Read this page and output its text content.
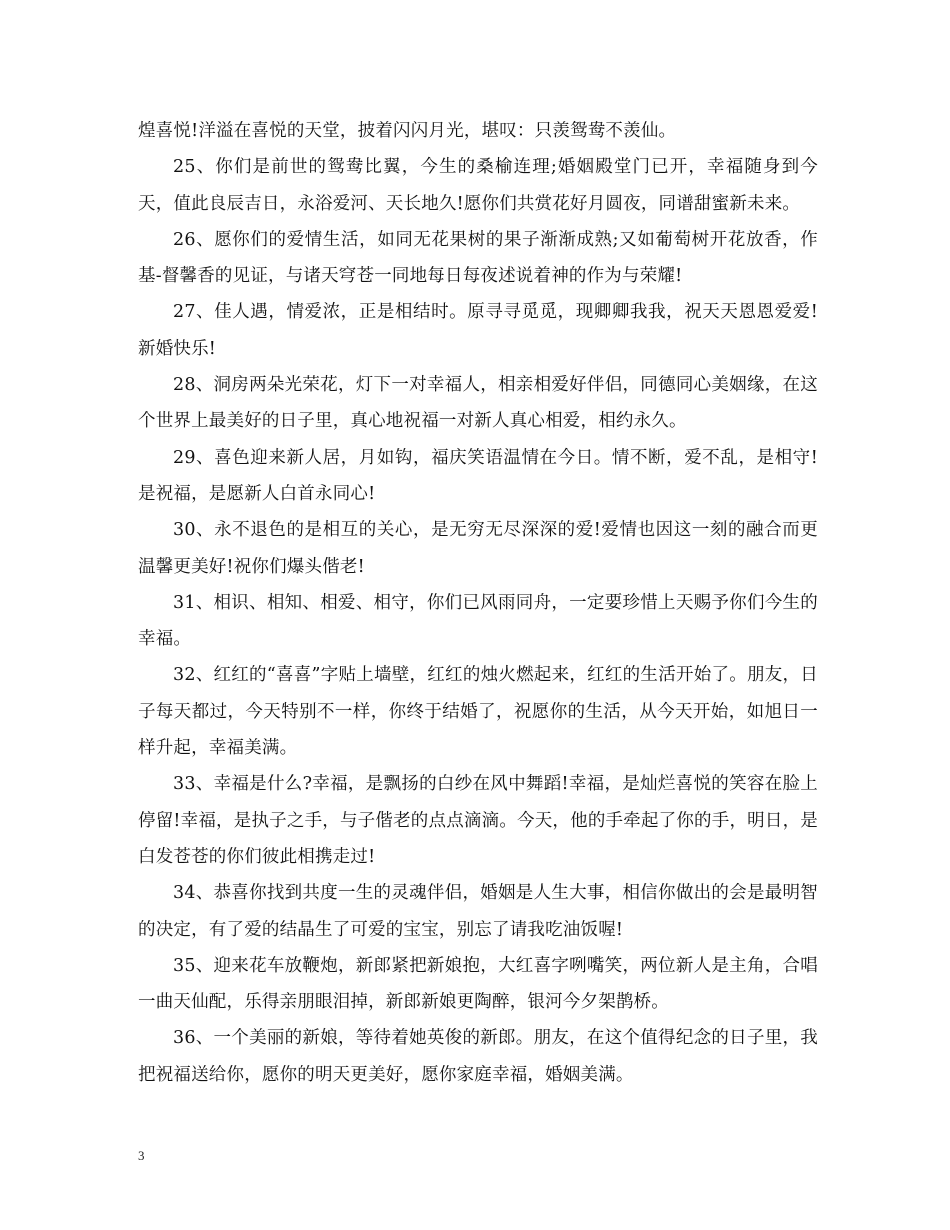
煌喜悦!洋溢在喜悦的天堂，披着闪闪月光，堪叹：只羡鸳鸯不羡仙。

25、你们是前世的鸳鸯比翼，今生的桑榆连理;婚姻殿堂门已开，幸福随身到今天，值此良辰吉日，永浴爱河、天长地久!愿你们共赏花好月圆夜，同谱甜蜜新未来。

26、愿你们的爱情生活，如同无花果树的果子渐渐成熟;又如葡萄树开花放香，作基-督馨香的见证，与诸天穹苍一同地每日每夜述说着神的作为与荣耀!

27、佳人遇，情爱浓，正是相结时。原寻寻觅觅，现卿卿我我，祝天天恩恩爱爱!新婚快乐!

28、洞房两朵光荣花，灯下一对幸福人，相亲相爱好伴侣，同德同心美姻缘，在这个世界上最美好的日子里，真心地祝福一对新人真心相爱，相约永久。

29、喜色迎来新人居，月如钩，福庆笑语温情在今日。情不断，爱不乱，是相守!是祝福，是愿新人白首永同心!

30、永不退色的是相互的关心，是无穷无尽深深的爱!爱情也因这一刻的融合而更温馨更美好!祝你们爆头偕老!

31、相识、相知、相爱、相守，你们已风雨同舟，一定要珍惜上天赐予你们今生的幸福。

32、红红的“喜喜”字贴上墙壁，红红的烛火燃起来，红红的生活开始了。朋友，日子每天都过，今天特别不一样，你终于结婚了，祝愿你的生活，从今天开始，如旭日一样升起，幸福美满。

33、幸福是什么?幸福，是飘扬的白纱在风中舞蹈!幸福，是灿烂喜悦的笑容在脸上停留!幸福，是执子之手，与子偕老的点点滴滴。今天，他的手牵起了你的手，明日，是白发苍苍的你们彼此相携走过!

34、恭喜你找到共度一生的灵魂伴侣，婚姻是人生大事，相信你做出的会是最明智的决定，有了爱的结晶生了可爱的宝宝，别忘了请我吃油饭喔!

35、迎来花车放鞭炮，新郎紧把新娘抱，大红喜字咧嘴笑，两位新人是主角，合唱一曲天仙配，乐得亲朋眼泪掉，新郎新娘更陶醉，银河今夕架鹊桥。

36、一个美丽的新娘，等待着她英俊的新郎。朋友，在这个值得纪念的日子里，我把祝福送给你，愿你的明天更美好，愿你家庭幸福，婚姻美满。

3
